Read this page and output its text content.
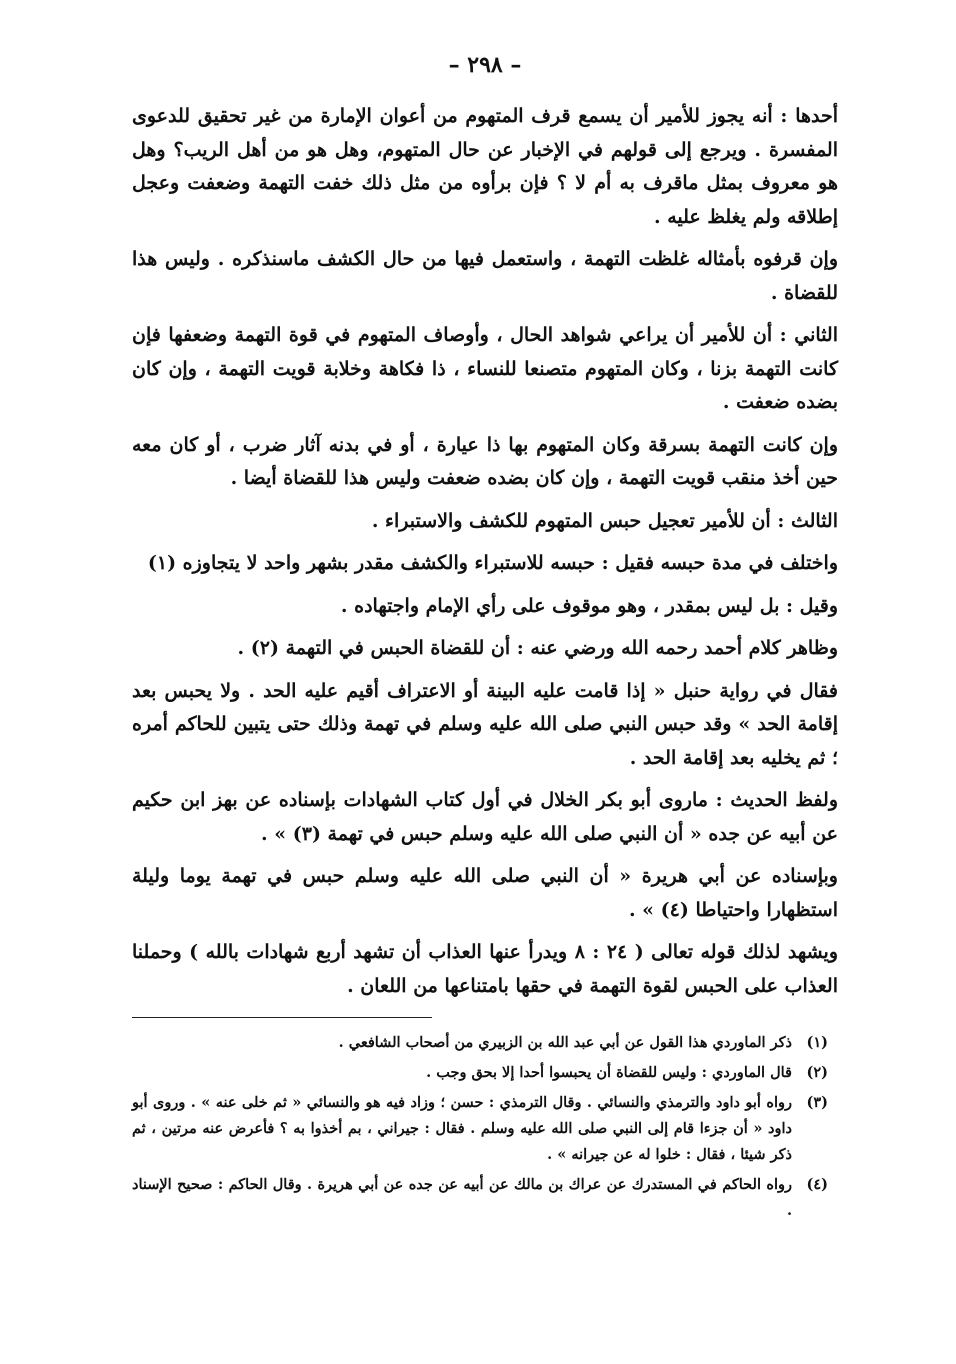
– ٢٩٨ –

أحدها : أنه يجوز للأمير أن يسمع قرف المتهوم من أعوان الإمارة من غير تحقيق للدعوى المفسرة . ويرجع إلى قولهم في الإخبار عن حال المتهوم، وهل هو من أهل الريب؟ وهل هو معروف بمثل ماقرف به أم لا ؟ فإن برأوه من مثل ذلك خفت التهمة وضعفت وعجل إطلاقه ولم يغلظ عليه .

وإن قرفوه بأمثاله غلظت التهمة ، واستعمل فيها من حال الكشف ماسنذكره . وليس هذا للقضاة .

الثاني : أن للأمير أن يراعي شواهد الحال ، وأوصاف المتهوم في قوة التهمة وضعفها فإن كانت التهمة بزنا ، وكان المتهوم متصنعا للنساء ، ذا فكاهة وخلابة قويت التهمة ، وإن كان بضده ضعفت .

وإن كانت التهمة بسرقة وكان المتهوم بها ذا عيارة ، أو في بدنه آثار ضرب ، أو كان معه حين أخذ منقب قويت التهمة ، وإن كان بضده ضعفت وليس هذا للقضاة أيضا .

الثالث : أن للأمير تعجيل حبس المتهوم للكشف والاستبراء .

واختلف في مدة حبسه فقيل : حبسه للاستبراء والكشف مقدر بشهر واحد لا يتجاوزه (١)

وقيل : بل ليس بمقدر ، وهو موقوف على رأي الإمام واجتهاده .

وظاهر كلام أحمد رحمه الله ورضي عنه : أن للقضاة الحبس في التهمة (٢) .

فقال في رواية حنبل « إذا قامت عليه البينة أو الاعتراف أقيم عليه الحد . ولا يحبس بعد إقامة الحد » وقد حبس النبي صلى الله عليه وسلم في تهمة وذلك حتى يتبين للحاكم أمره ؛ ثم يخليه بعد إقامة الحد .

ولفظ الحديث : ماروى أبو بكر الخلال في أول كتاب الشهادات بإسناده عن بهز ابن حكيم عن أبيه عن جده « أن النبي صلى الله عليه وسلم حبس في تهمة (٣) » .

وبإسناده عن أبي هريرة « أن النبي صلى الله عليه وسلم حبس في تهمة يوما وليلة استظهارا واحتياطا (٤) » .

ويشهد لذلك قوله تعالى ( ٢٤ : ٨ ويدرأ عنها العذاب أن تشهد أربع شهادات بالله ) وحملنا العذاب على الحبس لقوة التهمة في حقها بامتناعها من اللعان .

(١)
ذكر الماوردي هذا القول عن أبي عبد الله بن الزبيري من أصحاب الشافعي .
(٢)
قال الماوردي : وليس للقضاة أن يحبسوا أحدا إلا بحق وجب .
(٣)
رواه أبو داود والترمذي والنسائي . وقال الترمذي : حسن ؛ وزاد فيه هو والنسائي « ثم خلى عنه » . وروى أبو داود « أن جزءا قام إلى النبي صلى الله عليه وسلم . فقال : جيراني ، بم أخذوا به ؟ فأعرض عنه مرتين ، ثم ذكر شيئا ، فقال : خلوا له عن جيرانه » .
(٤)
رواه الحاكم في المستدرك عن عراك بن مالك عن أبيه عن جده عن أبي هريرة . وقال الحاكم : صحيح الإسناد .
